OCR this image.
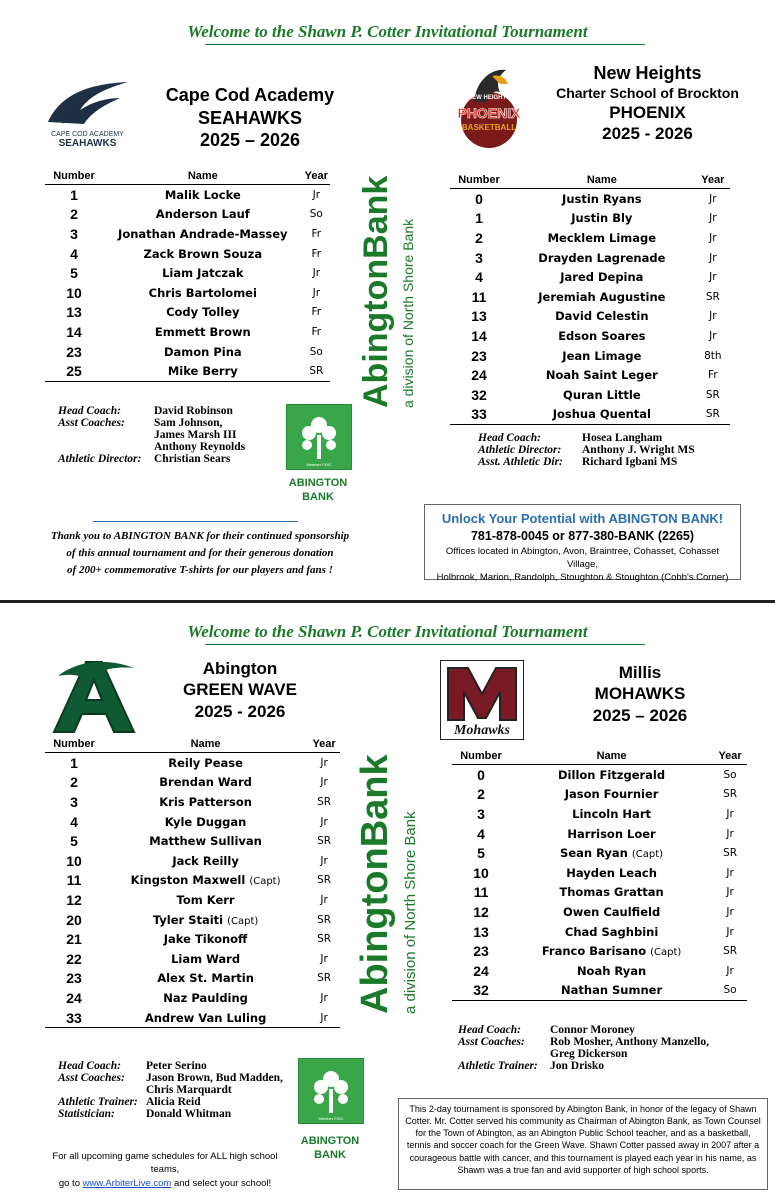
Welcome to the Shawn P. Cotter Invitational Tournament
CAPE COD ACADEMY
SEAHAWKS
Cape Cod Academy
SEAHAWKS
2025 – 2026
Number	Name	Year
1	Malik Locke	Jr
2	Anderson Lauf	So
3	Jonathan Andrade-Massey	Fr
4	Zack Brown Souza	Fr
5	Liam Jatczak	Jr
10	Chris Bartolomei	Jr
13	Cody Tolley	Fr
14	Emmett Brown	Fr
23	Damon Pina	So
25	Mike Berry	SR
Head Coach:	David Robinson
Asst Coaches:	Sam Johnson,
James Marsh III
Anthony Reynolds
Athletic Director:	Christian Sears	Member FDIC
ABINGTON
BANK
AbingtonBank a division of North Shore Bank
Thank you to ABINGTON BANK for their continued sponsorship
of this annual tournament and for their generous donation
of 200+ commemorative T-shirts for our players and fans !
NEW HEIGHTS
PHOENIX
BASKETBALL
New Heights
Charter School of Brockton
PHOENIX
2025 - 2026
Number	Name	Year
0	Justin Ryans	Jr
1	Justin Bly	Jr
2	Mecklem Limage	Jr
3	Drayden Lagrenade	Jr
4	Jared Depina	Jr
11	Jeremiah Augustine	SR
13	David Celestin	Jr
14	Edson Soares	Jr
23	Jean Limage	8th
24	Noah Saint Leger	Fr
32	Quran Little	SR
33	Joshua Quental	SR
Head Coach:	Hosea Langham
Athletic Director:	Anthony J. Wright MS
Asst. Athletic Dir:	Richard Igbani MS
Unlock Your Potential with ABINGTON BANK!
781-878-0045 or 877-380-BANK (2265)
Offices located in Abington, Avon, Braintree, Cohasset, Cohasset Village,
Holbrook, Marion, Randolph, Stoughton & Stoughton (Cobb's Corner)
Welcome to the Shawn P. Cotter Invitational Tournament
Abington
GREEN WAVE
2025 - 2026
Number	Name	Year
1	Reily Pease	Jr
2	Brendan Ward	Jr
3	Kris Patterson	SR
4	Kyle Duggan	Jr
5	Matthew Sullivan	SR
10	Jack Reilly	Jr
11	Kingston Maxwell (Capt)	SR
12	Tom Kerr	Jr
20	Tyler Staiti (Capt)	SR
21	Jake Tikonoff	SR
22	Liam Ward	Jr
23	Alex St. Martin	SR
24	Naz Paulding	Jr
33	Andrew Van Luling	Jr
Head Coach:	Peter Serino
Asst Coaches:	Jason Brown, Bud Madden,
Chris Marquardt
Athletic Trainer: Alicia Reid
Statistician:	Donald Whitman	Member FDIC
ABINGTON
BANK
AbingtonBank a division of North Shore Bank
For all upcoming game schedules for ALL high school teams,
go to www.ArbiterLive.com and select your school!
Mohawks
Millis
MOHAWKS
2025 – 2026
Number	Name	Year
0	Dillon Fitzgerald	So
2	Jason Fournier	SR
3	Lincoln Hart	Jr
4	Harrison Loer	Jr
5	Sean Ryan (Capt)	SR
10	Hayden Leach	Jr
11	Thomas Grattan	Jr
12	Owen Caulfield	Jr
13	Chad Saghbini	Jr
23	Franco Barisano (Capt)	SR
24	Noah Ryan	Jr
32	Nathan Sumner	So
Head Coach:	Connor Moroney
Asst Coaches:	Rob Mosher, Anthony Manzello,
Greg Dickerson
Athletic Trainer:	Jon Drisko
This 2-day tournament is sponsored by Abington Bank, in honor of the legacy of Shawn Cotter. Mr. Cotter served his community as Chairman of Abington Bank, as Town Counsel for the Town of Abington, as an Abington Public School teacher, and as a basketball, tennis and soccer coach for the Green Wave. Shawn Cotter passed away in 2007 after a courageous battle with cancer, and this tournament is played each year in his name, as Shawn was a true fan and avid supporter of high school sports.
